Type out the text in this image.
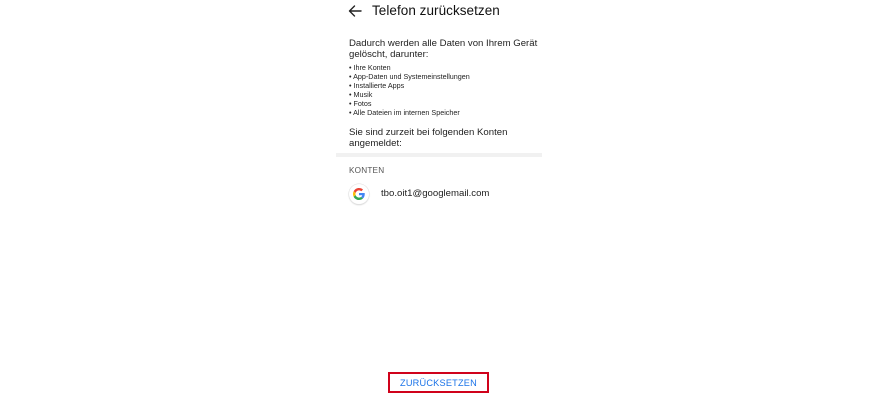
Telefon zurücksetzen
Dadurch werden alle Daten von Ihrem Gerät gelöscht, darunter:
• Ihre Konten
• App-Daten und Systemeinstellungen
• Installierte Apps
• Musik
• Fotos
• Alle Dateien im internen Speicher
Sie sind zurzeit bei folgenden Konten angemeldet:
KONTEN
tbo.oit1@googlemail.com
ZURÜCKSETZEN
